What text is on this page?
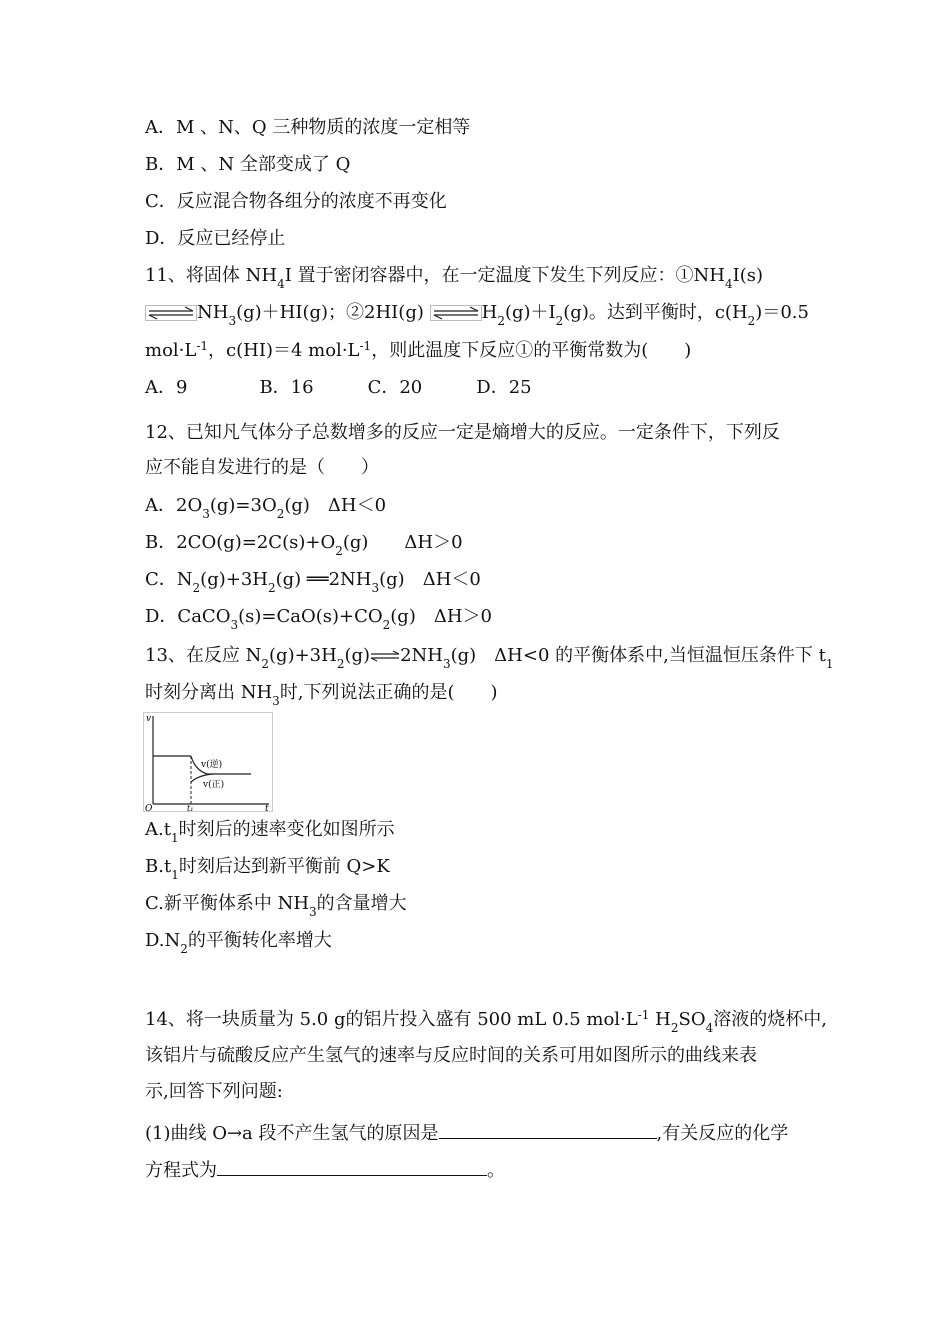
A．M 、N、Q 三种物质的浓度一定相等
B．M 、N 全部变成了 Q
C．反应混合物各组分的浓度不再变化
D．反应已经停止
11、将固体 $NH_4I$ 置于密闭容器中，在一定温度下发生下列反应：$①NH_4I(s)$
$NH_3(g)+HI(g)$；②2HI(g)	$H_2(g)+I_2(g)$。达到平衡时，$c(H_2)=0.5$
$mol\cdot L^{-1}$，c(HI)＝4 $mol\cdot L^{-1}$，则此温度下反应①的平衡常数为(　　)
A．9　　　　B．16　　　C．20　　　D．25
12、已知凡气体分子总数增多的反应一定是熵增大的反应。一定条件下，下列反
应不能自发进行的是（　　）
A．$2O_3(g)=3O_2(g)$　ΔH＜0
B．$2CO(g)=2C(s)+O_2(g)$　　ΔH＞0
C．$N_2(g)+3H_2(g)$ $══2NH_3(g)$　ΔH＜0
D．$CaCO_3(s)=CaO(s)+CO_2(g)$　ΔH＞0
13、在反应 $N_2(g)+3H_2(g)\rightleftharpoons 2NH_3(g)$　ΔH<0 的平衡体系中,当恒温恒压条件下 $t_1$
时刻分离出 $NH_3$时,下列说法正确的是(　　)
v
t
O	t₁
v(逆)
v(正)
$A.t_1$时刻后的速率变化如图所示
$B.t_1$时刻后达到新平衡前 Q>K
C.新平衡体系中 $NH_3$的含量增大
$D.N_2$的平衡转化率增大
14、将一块质量为 5.0 g的铝片投入盛有 500 mL 0.5 $mol\cdot L^{-1}$ $H_2SO_4$溶液的烧杯中,
该铝片与硫酸反应产生氢气的速率与反应时间的关系可用如图所示的曲线来表
示,回答下列问题:
(1)曲线 O→a 段不产生氢气的原因是	,有关反应的化学
方程式为	。
